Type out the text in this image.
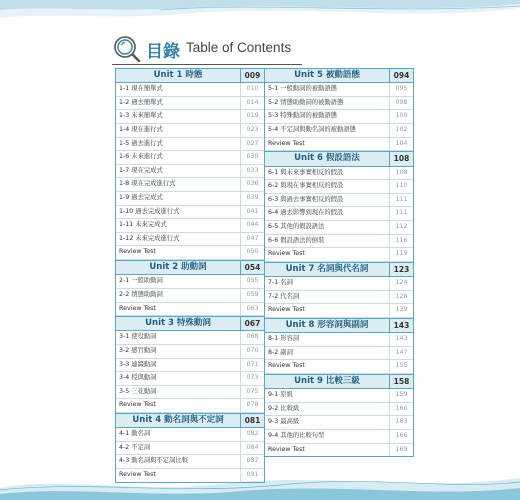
目錄 Table of Contents
Unit 1 時態	009
1-1 現在簡單式	010
1-2 過去簡單式	014
1-3 未來簡單式	019
1-4 現在進行式	023
1-5 過去進行式	027
1-6 未來進行式	030
1-7 現在完成式	033
1-8 現在完成進行式	036
1-9 過去完成式	039
1-10 過去完成進行式	041
1-11 未來完成式	044
1-12 未來完成進行式	047
Review Test	050
Unit 2 助動詞	054
2-1 一般助動詞	055
2-2 情態助動詞	059
Review Test	063
Unit 3 特殊動詞	067
3-1 使役動詞	068
3-2 感官動詞	070
3-3 連綴動詞	071
3-4 授與動詞	073
3-5 三花動詞	075
Review Test	078
Unit 4 動名詞與不定詞	081
4-1 動名詞	082
4-2 不定詞	084
4-3 動名詞與不定詞比較	087
Review Test	091
Unit 5 被動語態	094
5-1 一般動詞的被動語態	095
5-2 情態助動詞的被動語態	098
5-3 特殊動詞的被動語態	100
5-4 不定詞與動名詞的被動語態	102
Review Test	104
Unit 6 假設語法	108
6-1 與未來事實相反的假設	108
6-2 與現在事實相反的假設	110
6-3 與過去事實相反的假設	111
6-4 過去影響到現在的假設	111
6-5 其他的假設語法	112
6-6 假設語法的倒裝	116
Review Test	119
Unit 7 名詞與代名詞	123
7-1 名詞	124
7-2 代名詞	128
Review Test	139
Unit 8 形容詞與副詞	143
8-1 形容詞	143
8-2 副詞	147
Review Test	155
Unit 9 比較三級	158
9-1 原級	159
9-2 比較級	160
9-3 最高級	163
9-4 其他的比較句型	166
Review Test	169
